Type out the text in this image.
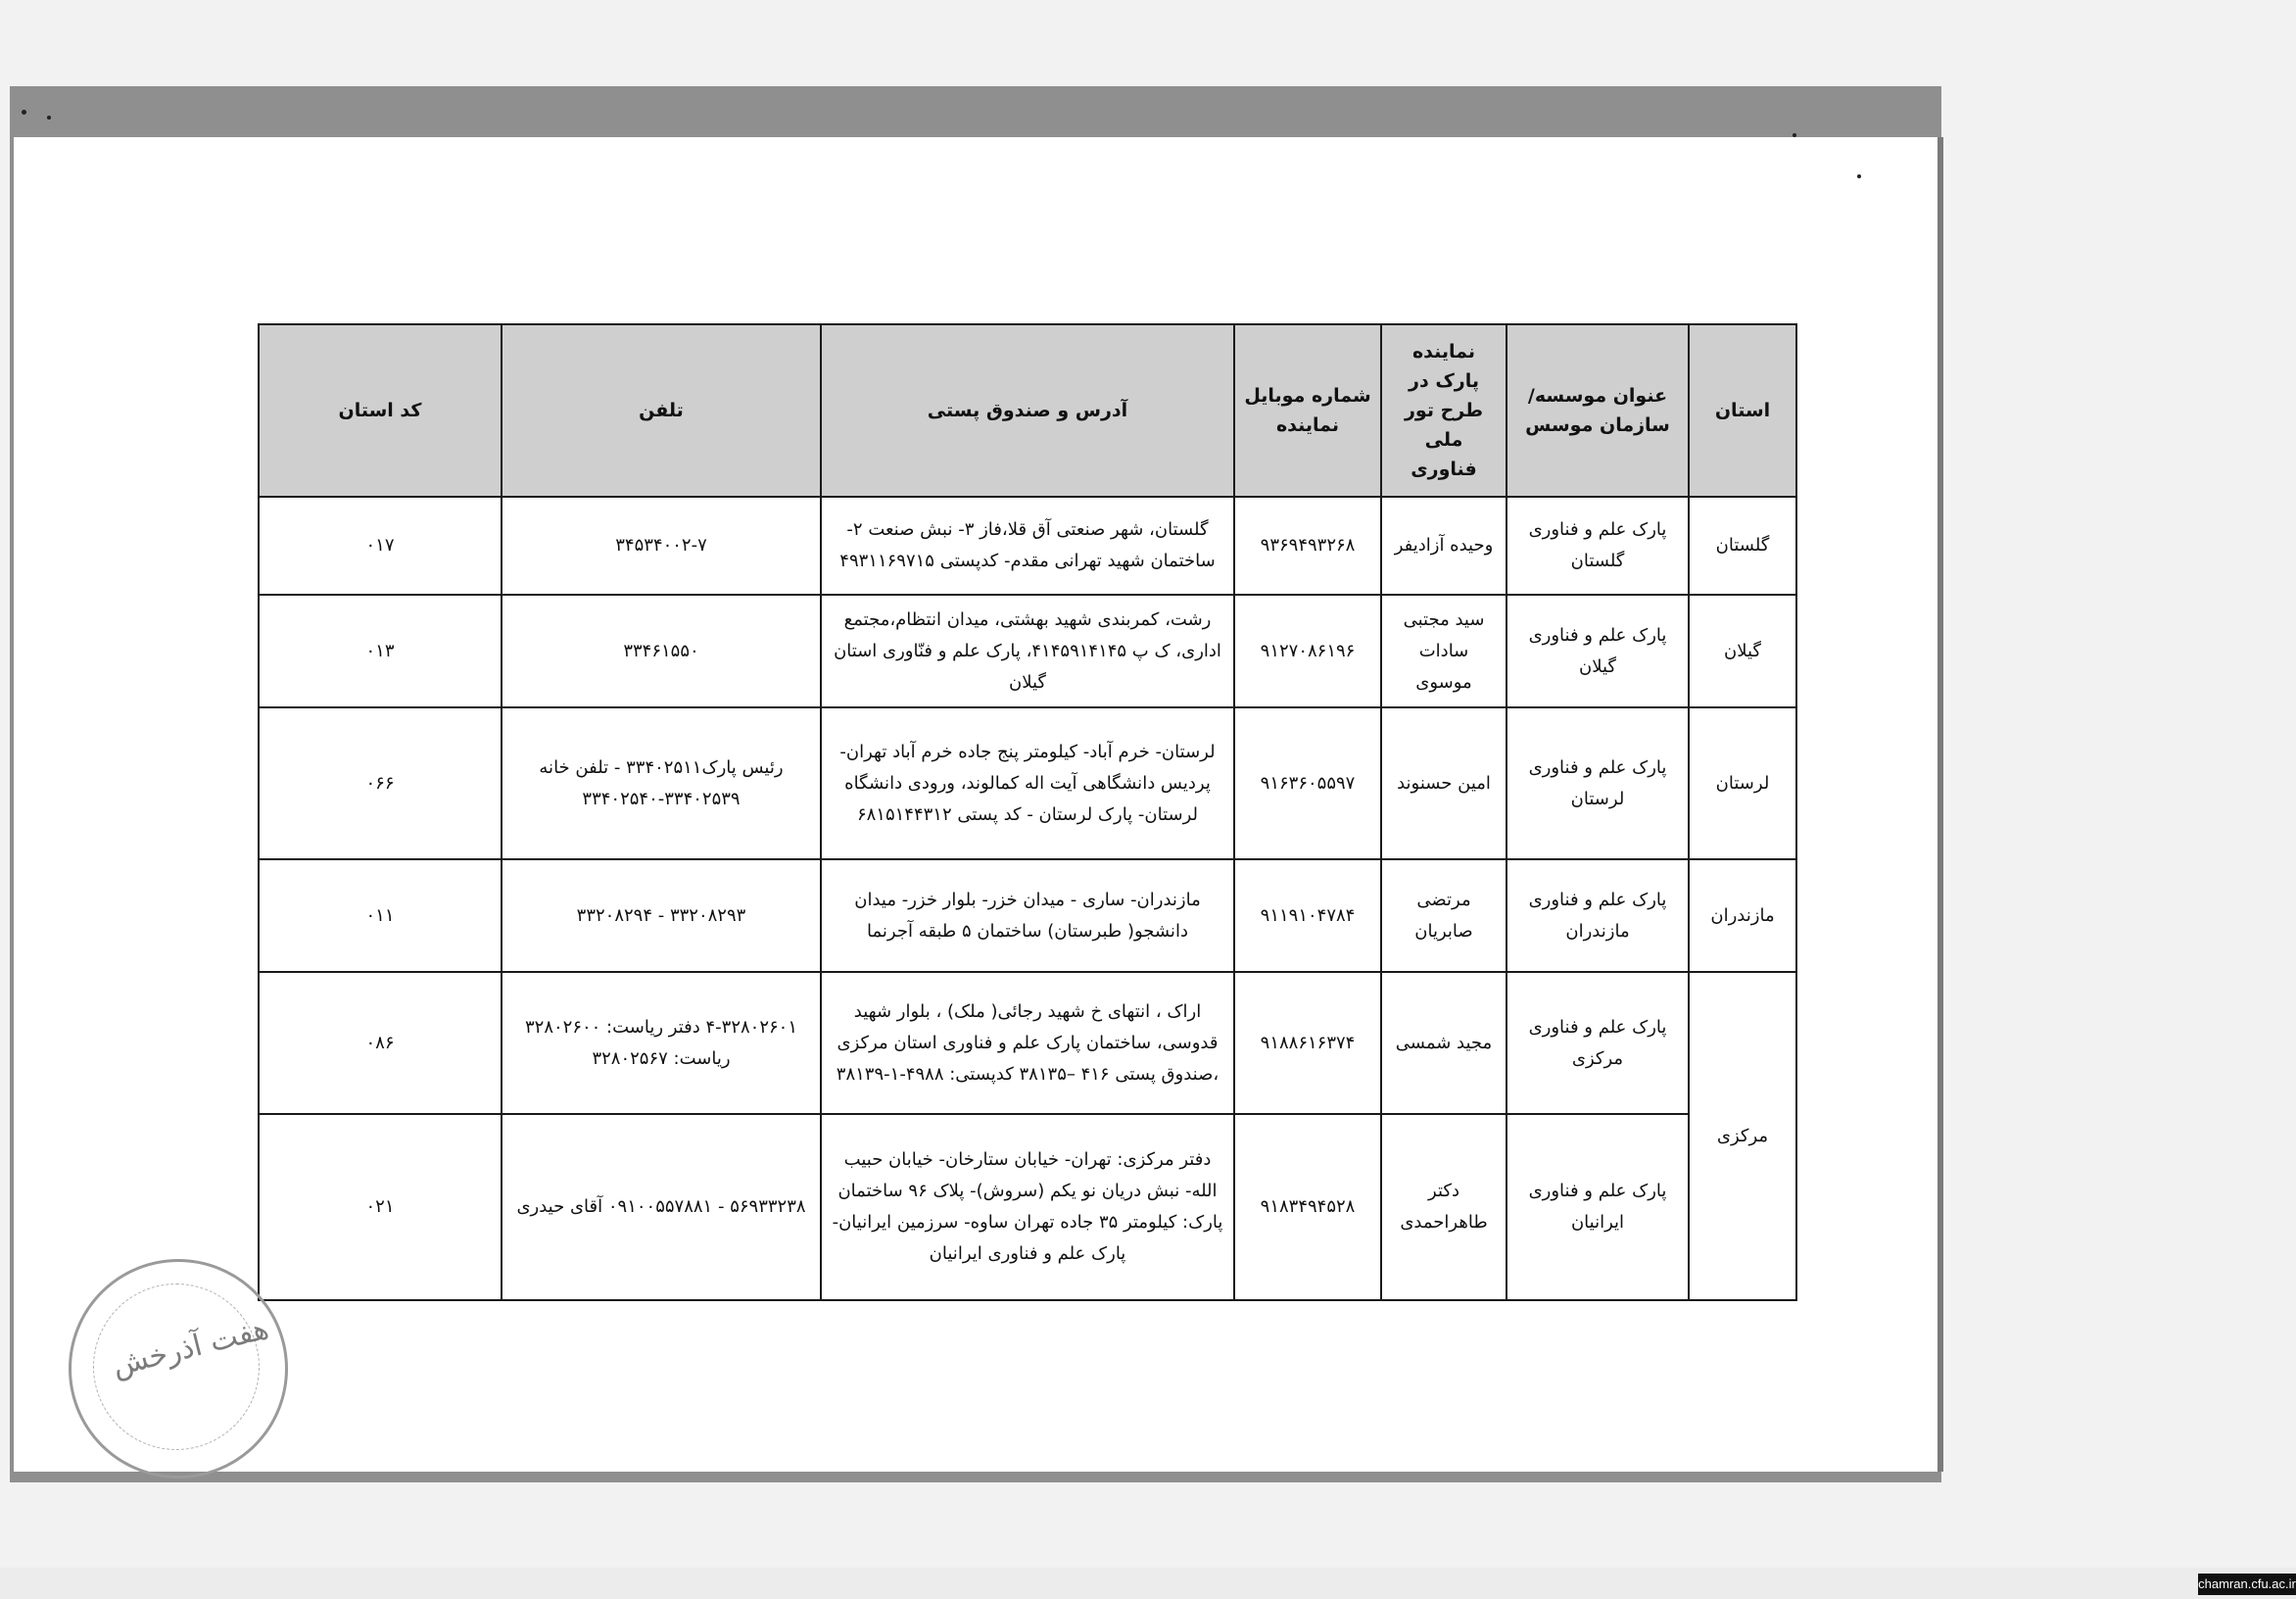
استان	عنوان موسسه/سازمان موسس	نماینده پارک در طرح تور ملی فناوری	شماره موبایل نماینده	آدرس و صندوق پستی	تلفن	کد استان
گلستان	پارک علم و فناوری گلستان	وحیده آزادیفر	۹۳۶۹۴۹۳۲۶۸	گلستان، شهر صنعتی آق قلا،فاز ۳- نبش صنعت ۲- ساختمان شهید تهرانی مقدم- کدپستی ۴۹۳۱۱۶۹۷۱۵	۳۴۵۳۴۰۰۲-۷	۰۱۷
گیلان	پارک علم و فناوری گیلان	سید مجتبی سادات موسوی	۹۱۲۷۰۸۶۱۹۶	رشت، کمربندی شهید بهشتی، میدان انتظام،مجتمع اداری، ک پ ۴۱۴۵۹۱۴۱۴۵، پارک علم و فنّاوری استان گیلان	۳۳۴۶۱۵۵۰	۰۱۳
لرستان	پارک علم و فناوری لرستان	امین حسنوند	۹۱۶۳۶۰۵۵۹۷	لرستان- خرم آباد- کیلومتر پنج جاده خرم آباد تهران- پردیس دانشگاهی آیت اله کمالوند، ورودی دانشگاه لرستان- پارک لرستان - کد پستی ۶۸۱۵۱۴۴۳۱۲	رئیس پارک۳۳۴۰۲۵۱۱ - تلفن خانه ۳۳۴۰۲۵۳۹-۳۳۴۰۲۵۴۰	۰۶۶
مازندران	پارک علم و فناوری مازندران	مرتضی صابریان	۹۱۱۹۱۰۴۷۸۴	مازندران- ساری - میدان خزر- بلوار خزر- میدان دانشجو( طبرستان) ساختمان ۵ طبقه آجرنما	۳۳۲۰۸۲۹۳ - ۳۳۲۰۸۲۹۴	۰۱۱
مرکزی	پارک علم و فناوری مرکزی	مجید شمسی	۹۱۸۸۶۱۶۳۷۴	اراک ، انتهای خ شهید رجائی( ملک) ، بلوار شهید قدوسی، ساختمان پارک علم و فناوری استان مرکزی ،صندوق پستی ۴۱۶ –۳۸۱۳۵ کدپستی: ۴۹۸۸-۱-۳۸۱۳۹	۴-۳۲۸۰۲۶۰۱ دفتر ریاست: ۳۲۸۰۲۶۰۰ ریاست: ۳۲۸۰۲۵۶۷	۰۸۶
	پارک علم و فناوری ایرانیان	دکتر طاهراحمدی	۹۱۸۳۴۹۴۵۲۸	دفتر مرکزی: تهران- خیابان ستارخان- خیابان حبیب الله- نبش دریان نو یکم (سروش)- پلاک ۹۶ ساختمان پارک: کیلومتر ۳۵ جاده تهران ساوه- سرزمین ایرانیان- پارک علم و فناوری ایرانیان	۵۶۹۳۳۲۳۸ - ۰۹۱۰۰۵۵۷۸۸۱ آقای حیدری	۰۲۱
هفت آذرخش
chamran.cfu.ac.ir
